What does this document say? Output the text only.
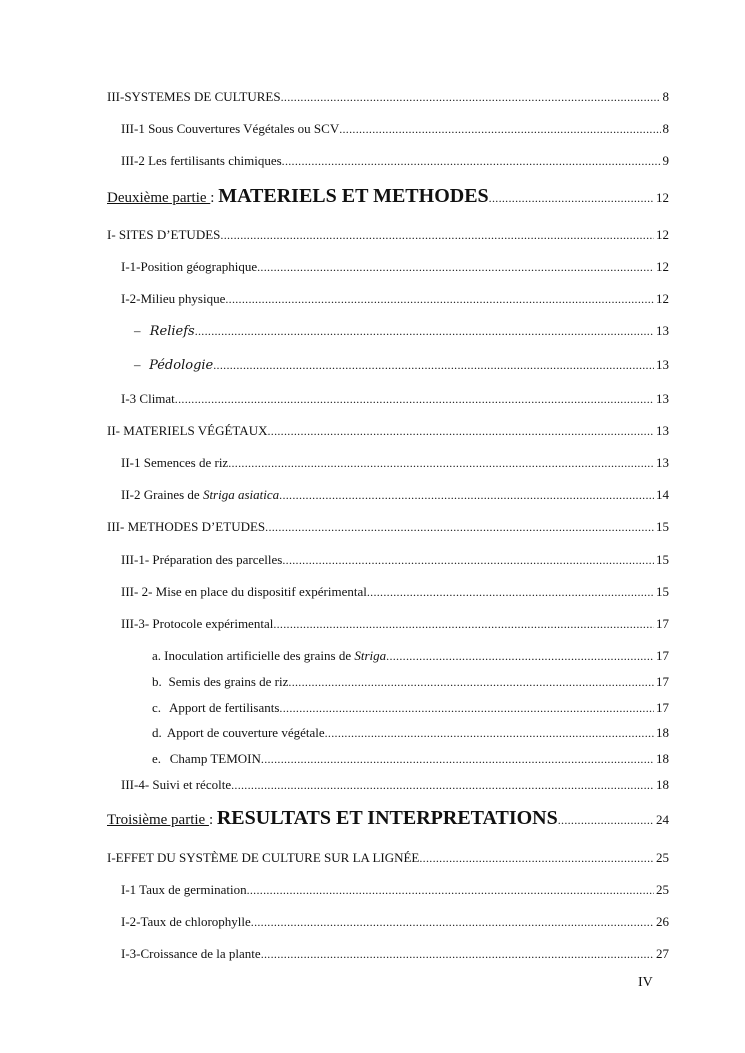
III-SYSTEMES DE CULTURES .....	8
III-1 Sous Couvertures Végétales ou SCV .....	8
III-2 Les fertilisants chimiques .....	9
Deuxième partie : MATERIELS ET METHODES .....	12
I- SITES D’ETUDES .....	12
I-1-Position géographique .....	12
I-2-Milieu physique .....	12
– Reliefs .....	13
– Pédologie .....	13
I-3 Climat .....	13
II- MATERIELS VÉGÉTAUX .....	13
II-1 Semences de riz .....	13
II-2 Graines de Striga asiatica .....	14
III- METHODES D’ETUDES .....	15
III-1- Préparation des parcelles .....	15
III- 2- Mise en place du dispositif expérimental .....	15
III-3- Protocole expérimental .....	17
a. Inoculation artificielle des grains de Striga .....	17
b. Semis des grains de riz .....	17
c. Apport de fertilisants .....	17
d. Apport de couverture végétale .....	18
e. Champ TEMOIN .....	18
III-4- Suivi et récolte .....	18
Troisième partie : RESULTATS ET INTERPRETATIONS .....	24
I-EFFET DU SYSTÈME DE CULTURE SUR LA LIGNÉE .....	25
I-1 Taux de germination .....	25
I-2-Taux de chlorophylle .....	26
I-3-Croissance de la plante .....	27
IV
